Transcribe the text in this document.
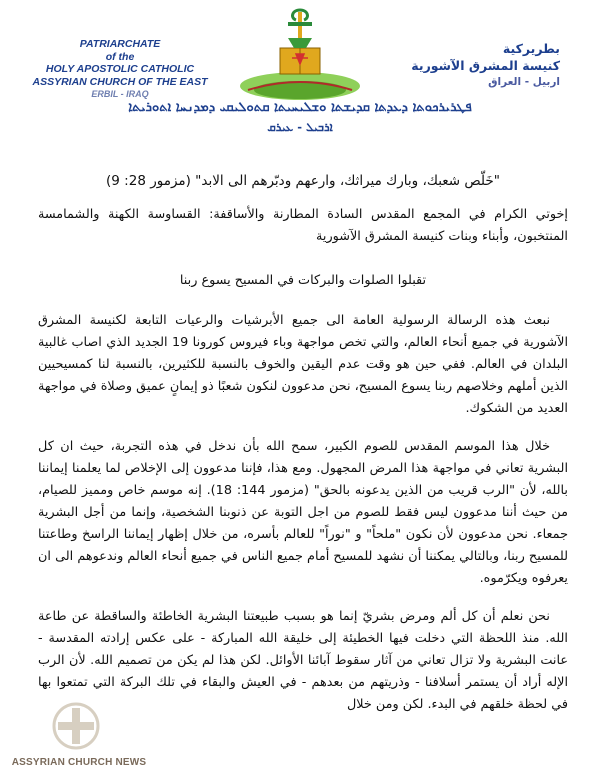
PATRIARCHATE
of the
HOLY APOSTOLIC CATHOLIC
ASSYRIAN CHURCH OF THE EAST
ERBIL - IRAQ
بطريركية
كنيسة المشرق الآشورية
اربيل - العراق
ܦܛܪܝܪܟܘܬܐ ܕܥܕܬܐ ܩܕܝܫܬܐ ܘܫܠܝܚܝܬܐ ܩܬܘܠܝܩܝ ܕܡܕܢܚܐ ܐܬܘܪܝܬܐ
ܐܪܒܝܠ - ܥܝܪܩ

"خَلّص شعبك، وبارك ميراثك، وارعهم ودبّرهم الى الابد" (مزمور 28: 9)

إخوتي الكرام في المجمع المقدس السادة المطارنة والأساقفة: القساوسة الكهنة والشمامسة المنتخبون، وأبناء وبنات كنيسة المشرق الآشورية

تقبلوا الصلوات والبركات في المسيح يسوع ربنا

نبعث هذه الرسالة الرسولية العامة الى جميع الأبرشيات والرعيات التابعة لكنيسة المشرق الآشورية في جميع أنحاء العالم، والتي تخص مواجهة وباء فيروس كورونا 19 الجديد الذي اصاب غالبية البلدان في العالم. ففي حين هو وقت عدم اليقين والخوف بالنسبة للكثيرين، بالنسبة لنا كمسيحيين الذين أملهم وخلاصهم ربنا يسوع المسيح، نحن مدعوون لنكون شعبًا ذو إيمانٍ عميق وصلاة في مواجهة العديد من الشكوك.

خلال هذا الموسم المقدس للصوم الكبير، سمح الله بأن ندخل في هذه التجربة، حيث ان كل البشرية تعاني في مواجهة هذا المرض المجهول. ومع هذا، فإننا مدعوون إلى الإخلاص لما يعلمنا إيماننا بالله، لأن "الرب قريب من الذين يدعونه بالحق" (مزمور 144: 18). إنه موسم خاص ومميز للصيام، من حيث أننا مدعوون ليس فقط للصوم من اجل التوبة عن ذنوبنا الشخصية، وإنما من أجل البشرية جمعاء. نحن مدعوون لأن نكون "ملحاً" و "نوراً" للعالم بأسره، من خلال إظهار إيماننا الراسخ وطاعتنا للمسيح ربنا، وبالتالي يمكننا أن نشهد للمسيح أمام جميع الناس في جميع أنحاء العالم وندعوهم الى ان يعرفوه ويكرّموه.

نحن نعلم أن كل ألم ومرض بشريّ إنما هو بسبب طبيعتنا البشرية الخاطئة والساقطة عن طاعة الله. منذ اللحظة التي دخلت فيها الخطيئة إلى خليقة الله المباركة - على عكس إرادته المقدسة - عانت البشرية ولا تزال تعاني من آثار سقوط آبائنا الأوائل. لكن هذا لم يكن من تصميم الله. لأن الرب الإله أراد أن يستمر أسلافنا - وذريتهم من بعدهم - في العيش والبقاء في تلك البركة التي تمتعوا بها في لحظة خلقهم في البدء. لكن ومن خلال

ASSYRIAN CHURCH NEWS
